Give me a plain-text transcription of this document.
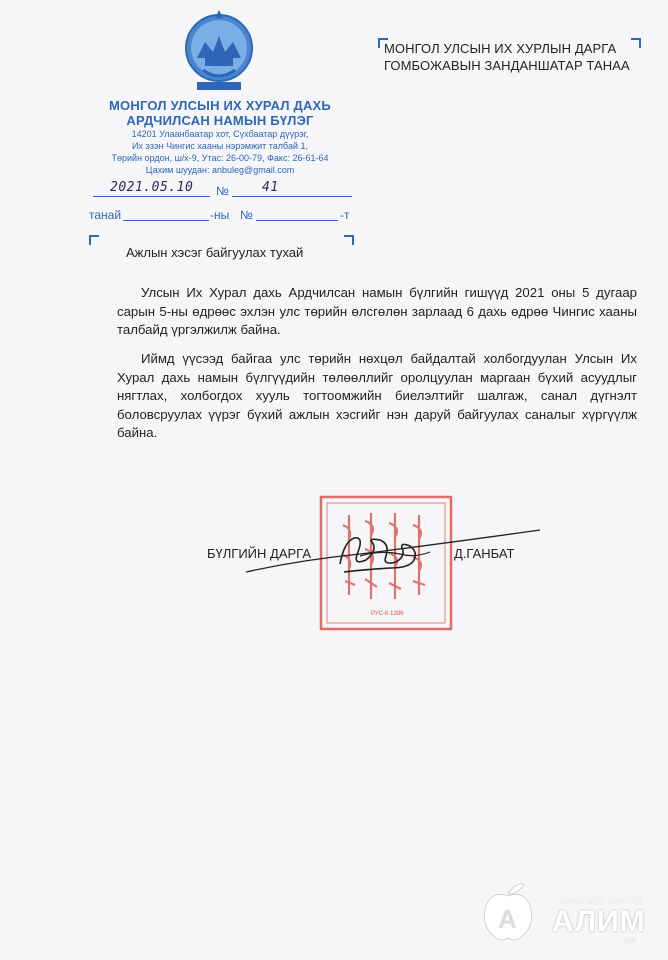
МОНГОЛ УЛСЫН ИХ ХУРАЛ ДАХЬ
АРДЧИЛСАН НАМЫН БҮЛЭГ
14201 Улаанбаатар хот, Сүхбаатар дүүрэг,
Их эзэн Чингис хааны нэрэмжит талбай 1,
Төрийн ордон, ш/х-9, Утас: 26-00-79, Факс: 26-61-64
Цахим шуудан: anbuleg@gmail.com
МОНГОЛ УЛСЫН ИХ ХУРЛЫН ДАРГА
ГОМБОЖАВЫН ЗАНДАНШАТАР ТАНАА
2021.05.10 №	41
танай	-ны №	-т
Ажлын хэсэг байгуулах тухай
Улсын Их Хурал дахь Ардчилсан намын бүлгийн гишүүд 2021 оны 5 дугаар сарын 5-ны өдрөөс эхлэн улс төрийн өлсгөлөн зарлаад 6 дахь өдрөө Чингис хааны талбайд үргэлжилж байна.
Иймд үүсээд байгаа улс төрийн нөхцөл байдалтай холбогдуулан Улсын Их Хурал дахь намын бүлгүүдийн төлөөллийг оролцуулан маргаан бүхий асуудлыг нягтлах, холбогдох хууль тогтоомжийн биелэлтийг шалгаж, санал дүгнэлт боловсруулах үүрэг бүхий ажлын хэсгийг нэн даруй байгуулах саналыг хүргүүлж байна.
РУС-К 1396
БҮЛГИЙН ДАРГА	Д.ГАНБАТ
A
АЛИМ МЭТ АМТТАЙ
АЛИМ
MN
